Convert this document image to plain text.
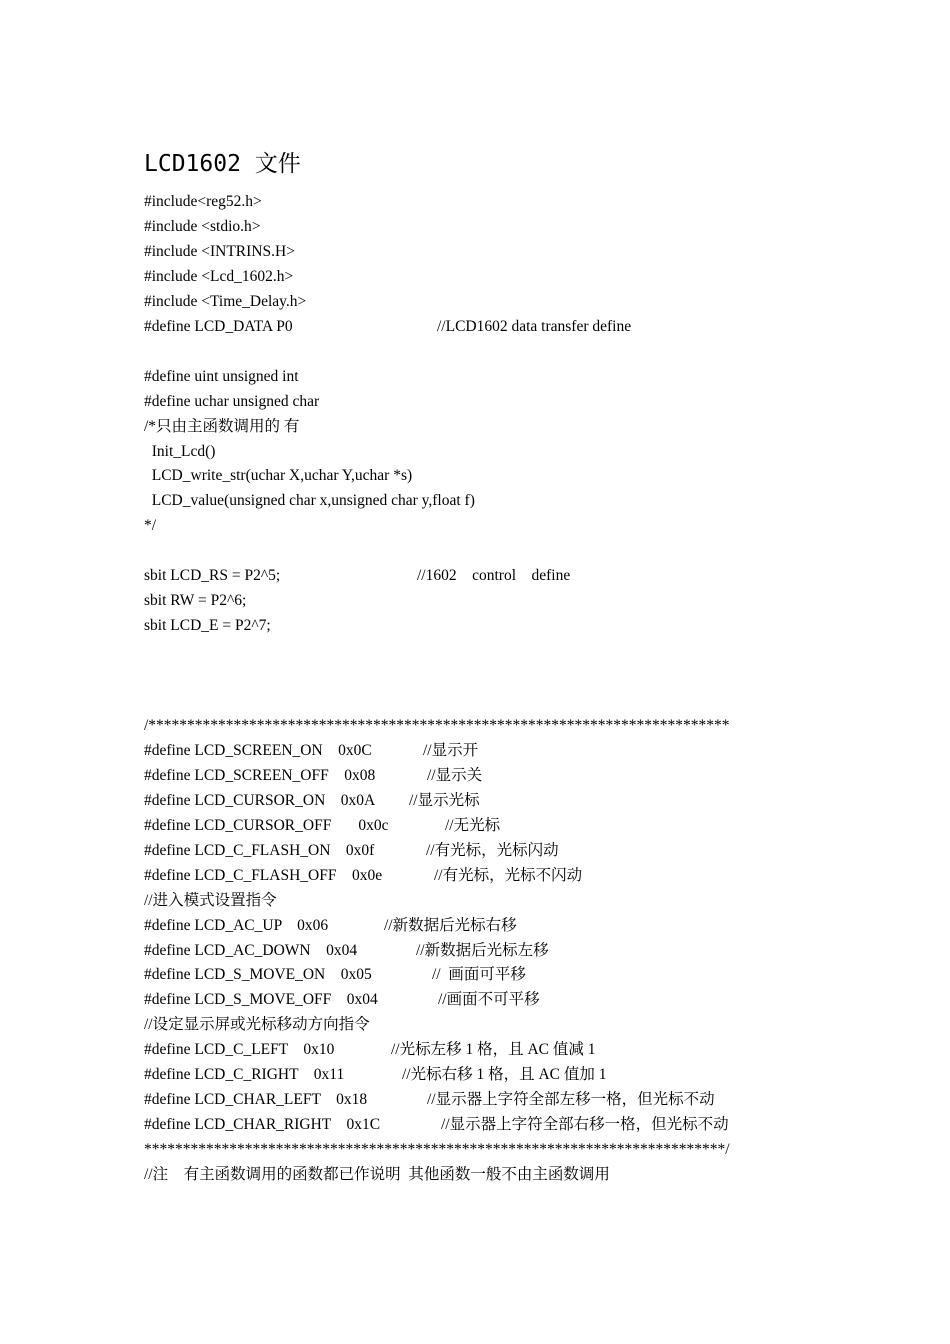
LCD1602 文件
#include<reg52.h>
#include <stdio.h>
#include <INTRINS.H>
#include <Lcd_1602.h>
#include <Time_Delay.h>
#define LCD_DATA P0	//LCD1602 data transfer define
#define uint unsigned int
#define uchar unsigned char
/*只由主函数调用的 有
Init_Lcd()
LCD_write_str(uchar X,uchar Y,uchar *s)
LCD_value(unsigned char x,unsigned char y,float f)
*/
sbit LCD_RS = P2^5;	//1602    control    define
sbit RW = P2^6;
sbit LCD_E = P2^7;
/***************************************************************************
#define LCD_SCREEN_ON    0x0C	//显示开
#define LCD_SCREEN_OFF    0x08	//显示关
#define LCD_CURSOR_ON    0x0A //显示光标
#define LCD_CURSOR_OFF       0x0c	//无光标
#define LCD_C_FLASH_ON    0x0f	//有光标，光标闪动
#define LCD_C_FLASH_OFF    0x0e	//有光标，光标不闪动
//进入模式设置指令
#define LCD_AC_UP    0x06	//新数据后光标右移
#define LCD_AC_DOWN    0x04	//新数据后光标左移
#define LCD_S_MOVE_ON    0x05	//  画面可平移
#define LCD_S_MOVE_OFF    0x04	//画面不可平移
//设定显示屏或光标移动方向指令
#define LCD_C_LEFT    0x10	//光标左移 1 格，且 AC 值减 1
#define LCD_C_RIGHT    0x11	//光标右移 1 格，且 AC 值加 1
#define LCD_CHAR_LEFT    0x18	//显示器上字符全部左移一格，但光标不动
#define LCD_CHAR_RIGHT    0x1C	//显示器上字符全部右移一格，但光标不动
***************************************************************************/
//注    有主函数调用的函数都已作说明  其他函数一般不由主函数调用
